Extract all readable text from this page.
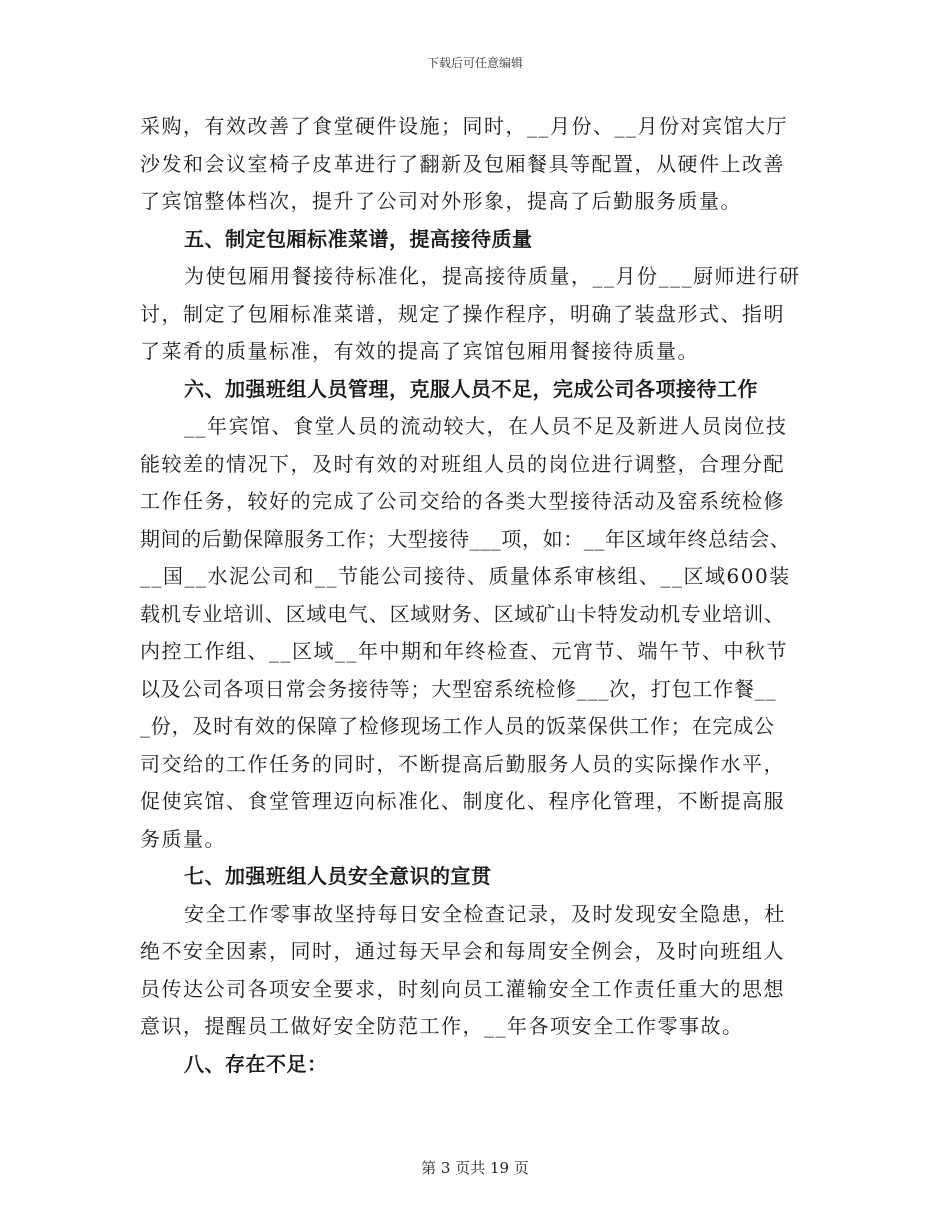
下载后可任意编辑
采购，有效改善了食堂硬件设施；同时，__月份、__月份对宾馆大厅
沙发和会议室椅子皮革进行了翻新及包厢餐具等配置，从硬件上改善
了宾馆整体档次，提升了公司对外形象，提高了后勤服务质量。
五、制定包厢标准菜谱，提高接待质量
为使包厢用餐接待标准化，提高接待质量，__月份___厨师进行研
讨，制定了包厢标准菜谱，规定了操作程序，明确了装盘形式、指明
了菜肴的质量标准，有效的提高了宾馆包厢用餐接待质量。
六、加强班组人员管理，克服人员不足，完成公司各项接待工作
__年宾馆、食堂人员的流动较大，在人员不足及新进人员岗位技
能较差的情况下，及时有效的对班组人员的岗位进行调整，合理分配
工作任务，较好的完成了公司交给的各类大型接待活动及窑系统检修
期间的后勤保障服务工作；大型接待___项，如：__年区域年终总结会、
__国__水泥公司和__节能公司接待、质量体系审核组、__区域600装
载机专业培训、区域电气、区域财务、区域矿山卡特发动机专业培训、
内控工作组、__区域__年中期和年终检查、元宵节、端午节、中秋节
以及公司各项日常会务接待等；大型窑系统检修___次，打包工作餐__
_份，及时有效的保障了检修现场工作人员的饭菜保供工作；在完成公
司交给的工作任务的同时，不断提高后勤服务人员的实际操作水平，
促使宾馆、食堂管理迈向标准化、制度化、程序化管理，不断提高服
务质量。
七、加强班组人员安全意识的宣贯
安全工作零事故坚持每日安全检查记录，及时发现安全隐患，杜
绝不安全因素，同时，通过每天早会和每周安全例会，及时向班组人
员传达公司各项安全要求，时刻向员工灌输安全工作责任重大的思想
意识，提醒员工做好安全防范工作，__年各项安全工作零事故。
八、存在不足：
第 3 页共 19 页
